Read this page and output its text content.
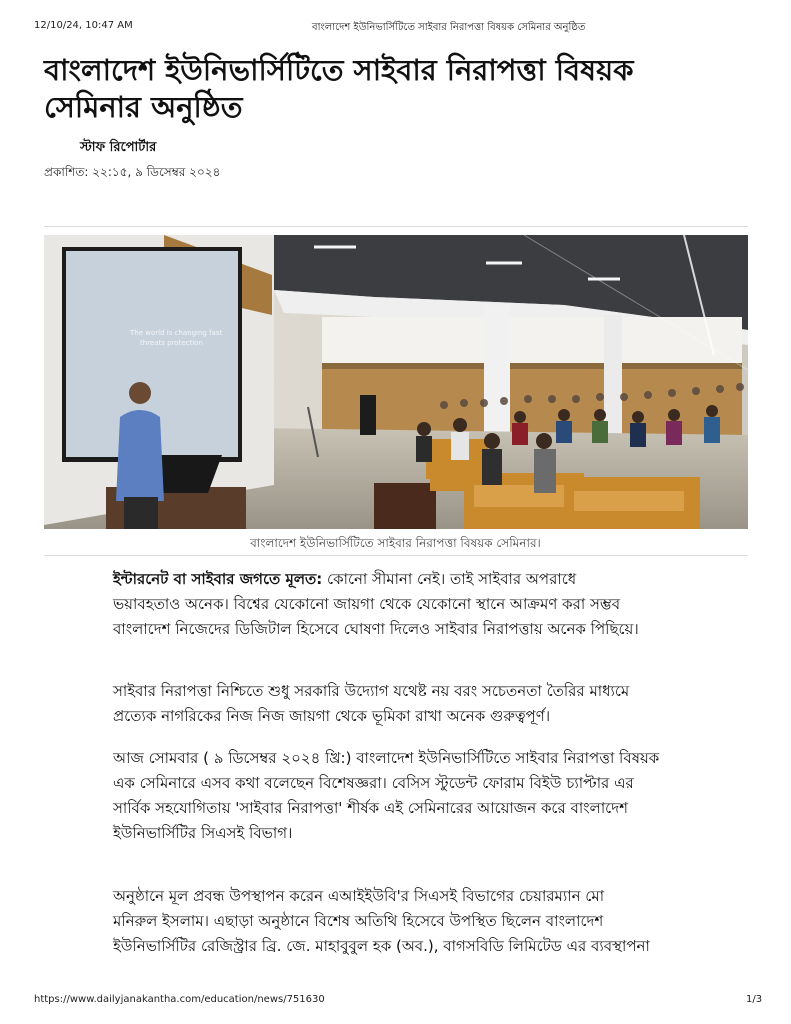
12/10/24, 10:47 AM	বাংলাদেশ ইউনিভার্সিটিতে সাইবার নিরাপত্তা বিষয়ক সেমিনার অনুষ্ঠিত
বাংলাদেশ ইউনিভার্সিটিতে সাইবার নিরাপত্তা বিষয়ক
সেমিনার অনুষ্ঠিত
স্টাফ রিপোর্টার
প্রকাশিত: ২২:১৫, ৯ ডিসেম্বর ২০২৪
The world is changing fast
threats protection
বাংলাদেশ ইউনিভার্সিটিতে সাইবার নিরাপত্তা বিষয়ক সেমিনার।
ইন্টারনেট বা সাইবার জগতে মূলত: কোনো সীমানা নেই। তাই সাইবার অপরাধে
ভয়াবহতাও অনেক। বিশ্বের যেকোনো জায়গা থেকে যেকোনো স্থানে আক্রমণ করা সম্ভব
বাংলাদেশ নিজেদের ডিজিটাল হিসেবে ঘোষণা দিলেও সাইবার নিরাপত্তায় অনেক পিছিয়ে।
সাইবার নিরাপত্তা নিশ্চিতে শুধু সরকারি উদ্যোগ যথেষ্ট নয় বরং সচেতনতা তৈরির মাধ্যমে
প্রত্যেক নাগরিকের নিজ নিজ জায়গা থেকে ভূমিকা রাখা অনেক গুরুত্বপূর্ণ।
আজ সোমবার ( ৯ ডিসেম্বর ২০২৪ খ্রি:) বাংলাদেশ ইউনিভার্সিটিতে সাইবার নিরাপত্তা বিষয়ক
এক সেমিনারে এসব কথা বলেছেন বিশেষজ্ঞরা। বেসিস স্টুডেন্ট ফোরাম বিইউ চ্যাপ্টার এর
সার্বিক সহযোগিতায় 'সাইবার নিরাপত্তা' শীর্ষক এই সেমিনারের আয়োজন করে বাংলাদেশ
ইউনিভার্সিটির সিএসই বিভাগ।
অনুষ্ঠানে মূল প্রবন্ধ উপস্থাপন করেন এআইইউবি'র সিএসই বিভাগের চেয়ারম্যান মো
মনিরুল ইসলাম। এছাড়া অনুষ্ঠানে বিশেষ অতিথি হিসেবে উপস্থিত ছিলেন বাংলাদেশ
ইউনিভার্সিটির রেজিস্ট্রার ব্রি. জে. মাহাবুবুল হক (অব.), বাগসবিডি লিমিটেড এর ব্যবস্থাপনা
https://www.dailyjanakantha.com/education/news/751630	1/3
